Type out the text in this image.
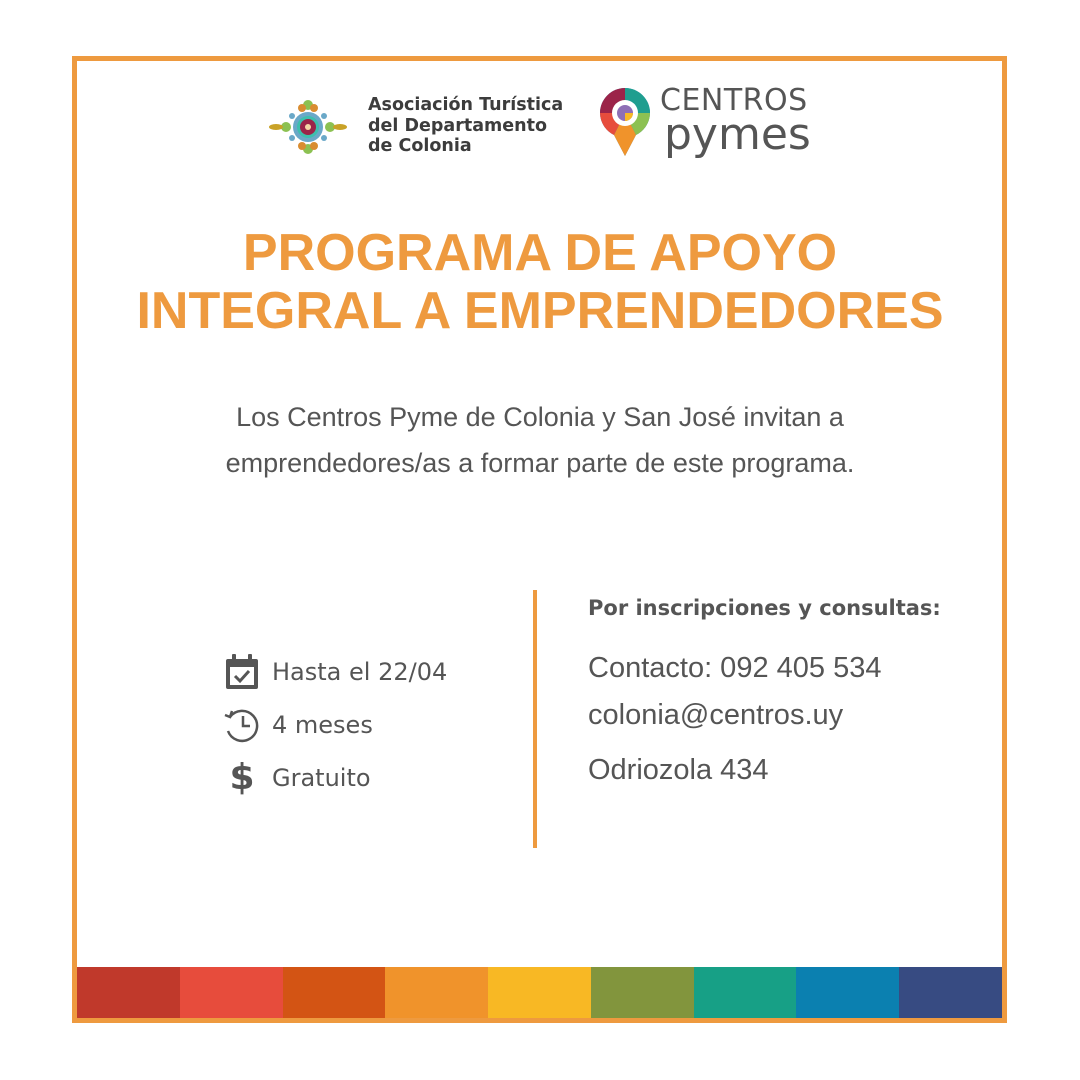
Asociación Turística
del Departamento
de Colonia
CENTROS
pymes
PROGRAMA DE APOYO
INTEGRAL A EMPRENDEDORES
Los Centros Pyme de Colonia y San José invitan a
emprendedores/as a formar parte de este programa.
Hasta el 22/04
4 meses
$ Gratuito
Por inscripciones y consultas:
Contacto: 092 405 534
colonia@centros.uy
Odriozola 434
